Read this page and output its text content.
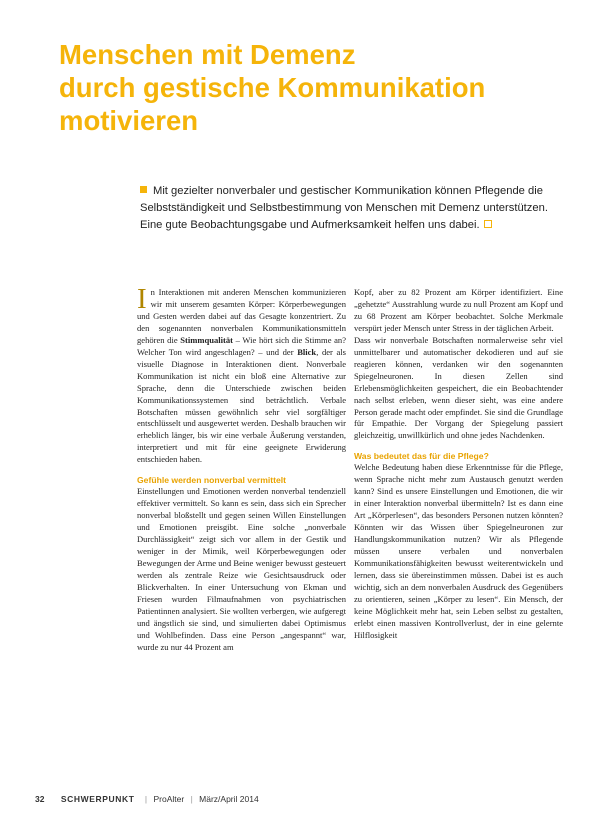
Menschen mit Demenz
durch gestische Kommunikation
motivieren
Mit gezielter nonverbaler und gestischer Kommunikation können Pflegende die Selbstständigkeit und Selbstbestimmung von Menschen mit Demenz unterstützen. Eine gute Beobachtungsgabe und Aufmerksamkeit helfen uns dabei.

In Interaktionen mit anderen Menschen kommunizieren wir mit unserem gesamten Körper: Körperbewegungen und Gesten werden dabei auf das Gesagte konzentriert. Zu den sogenannten nonverbalen Kommunikationsmitteln gehören die Stimmqualität – Wie hört sich die Stimme an? Welcher Ton wird angeschlagen? – und der Blick, der als visuelle Diagnose in Interaktionen dient. Nonverbale Kommunikation ist nicht ein bloß eine Alternative zur Sprache, denn die Unterschiede zwischen beiden Kommunikationssystemen sind beträchtlich. Verbale Botschaften müssen gewöhnlich sehr viel sorgfältiger entschlüsselt und ausgewertet werden. Deshalb brauchen wir erheblich länger, bis wir eine verbale Äußerung verstanden, interpretiert und mit für eine geeignete Erwiderung entschieden haben.

Gefühle werden nonverbal vermittelt

Einstellungen und Emotionen werden nonverbal tendenziell effektiver vermittelt. So kann es sein, dass sich ein Sprecher nonverbal bloßstellt und gegen seinen Willen Einstellungen und Emotionen preisgibt. Eine solche „nonverbale Durchlässigkeit“ zeigt sich vor allem in der Gestik und weniger in der Mimik, weil Körperbewegungen oder Bewegungen der Arme und Beine weniger bewusst gesteuert werden als zentrale Reize wie Gesichtsausdruck oder Blickverhalten. In einer Untersuchung von Ekman und Friesen wurden Filmaufnahmen von psychiatrischen Patientinnen analysiert. Sie wollten verbergen, wie aufgeregt und ängstlich sie sind, und simulierten dabei Optimismus und Wohlbefinden. Dass eine Person „angespannt“ war, wurde zu nur 44 Prozent am

Kopf, aber zu 82 Prozent am Körper identifiziert. Eine „gehetzte“ Ausstrahlung wurde zu null Prozent am Kopf und zu 68 Prozent am Körper beobachtet. Solche Merkmale verspürt jeder Mensch unter Stress in der täglichen Arbeit.

Dass wir nonverbale Botschaften normalerweise sehr viel unmittelbarer und automatischer dekodieren und auf sie reagieren können, verdanken wir den sogenannten Spiegelneuronen. In diesen Zellen sind Erlebensmöglichkeiten gespeichert, die ein Beobachtender nach selbst erleben, wenn dieser sieht, was eine andere Person gerade macht oder empfindet. Sie sind die Grundlage für Empathie. Der Vorgang der Spiegelung passiert gleichzeitig, unwillkürlich und ohne jedes Nachdenken.

Was bedeutet das für die Pflege?

Welche Bedeutung haben diese Erkenntnisse für die Pflege, wenn Sprache nicht mehr zum Austausch genutzt werden kann? Sind es unsere Einstellungen und Emotionen, die wir in einer Interaktion nonverbal übermitteln? Ist es dann eine Art „Körperlesen“, das besonders Personen nutzen könnten? Könnten wir das Wissen über Spiegelneuronen zur Handlungskommunikation nutzen? Wir als Pflegende müssen unsere verbalen und nonverbalen Kommunikationsfähigkeiten bewusst weiterentwickeln und lernen, dass sie übereinstimmen müssen. Dabei ist es auch wichtig, sich an dem nonverbalen Ausdruck des Gegenübers zu orientieren, seinen „Körper zu lesen“. Ein Mensch, der keine Möglichkeit mehr hat, sein Leben selbst zu gestalten, erlebt einen massiven Kontrollverlust, der in eine gelernte Hilflosigkeit

32 SCHWERPUNKT | ProAlter | März/April 2014
